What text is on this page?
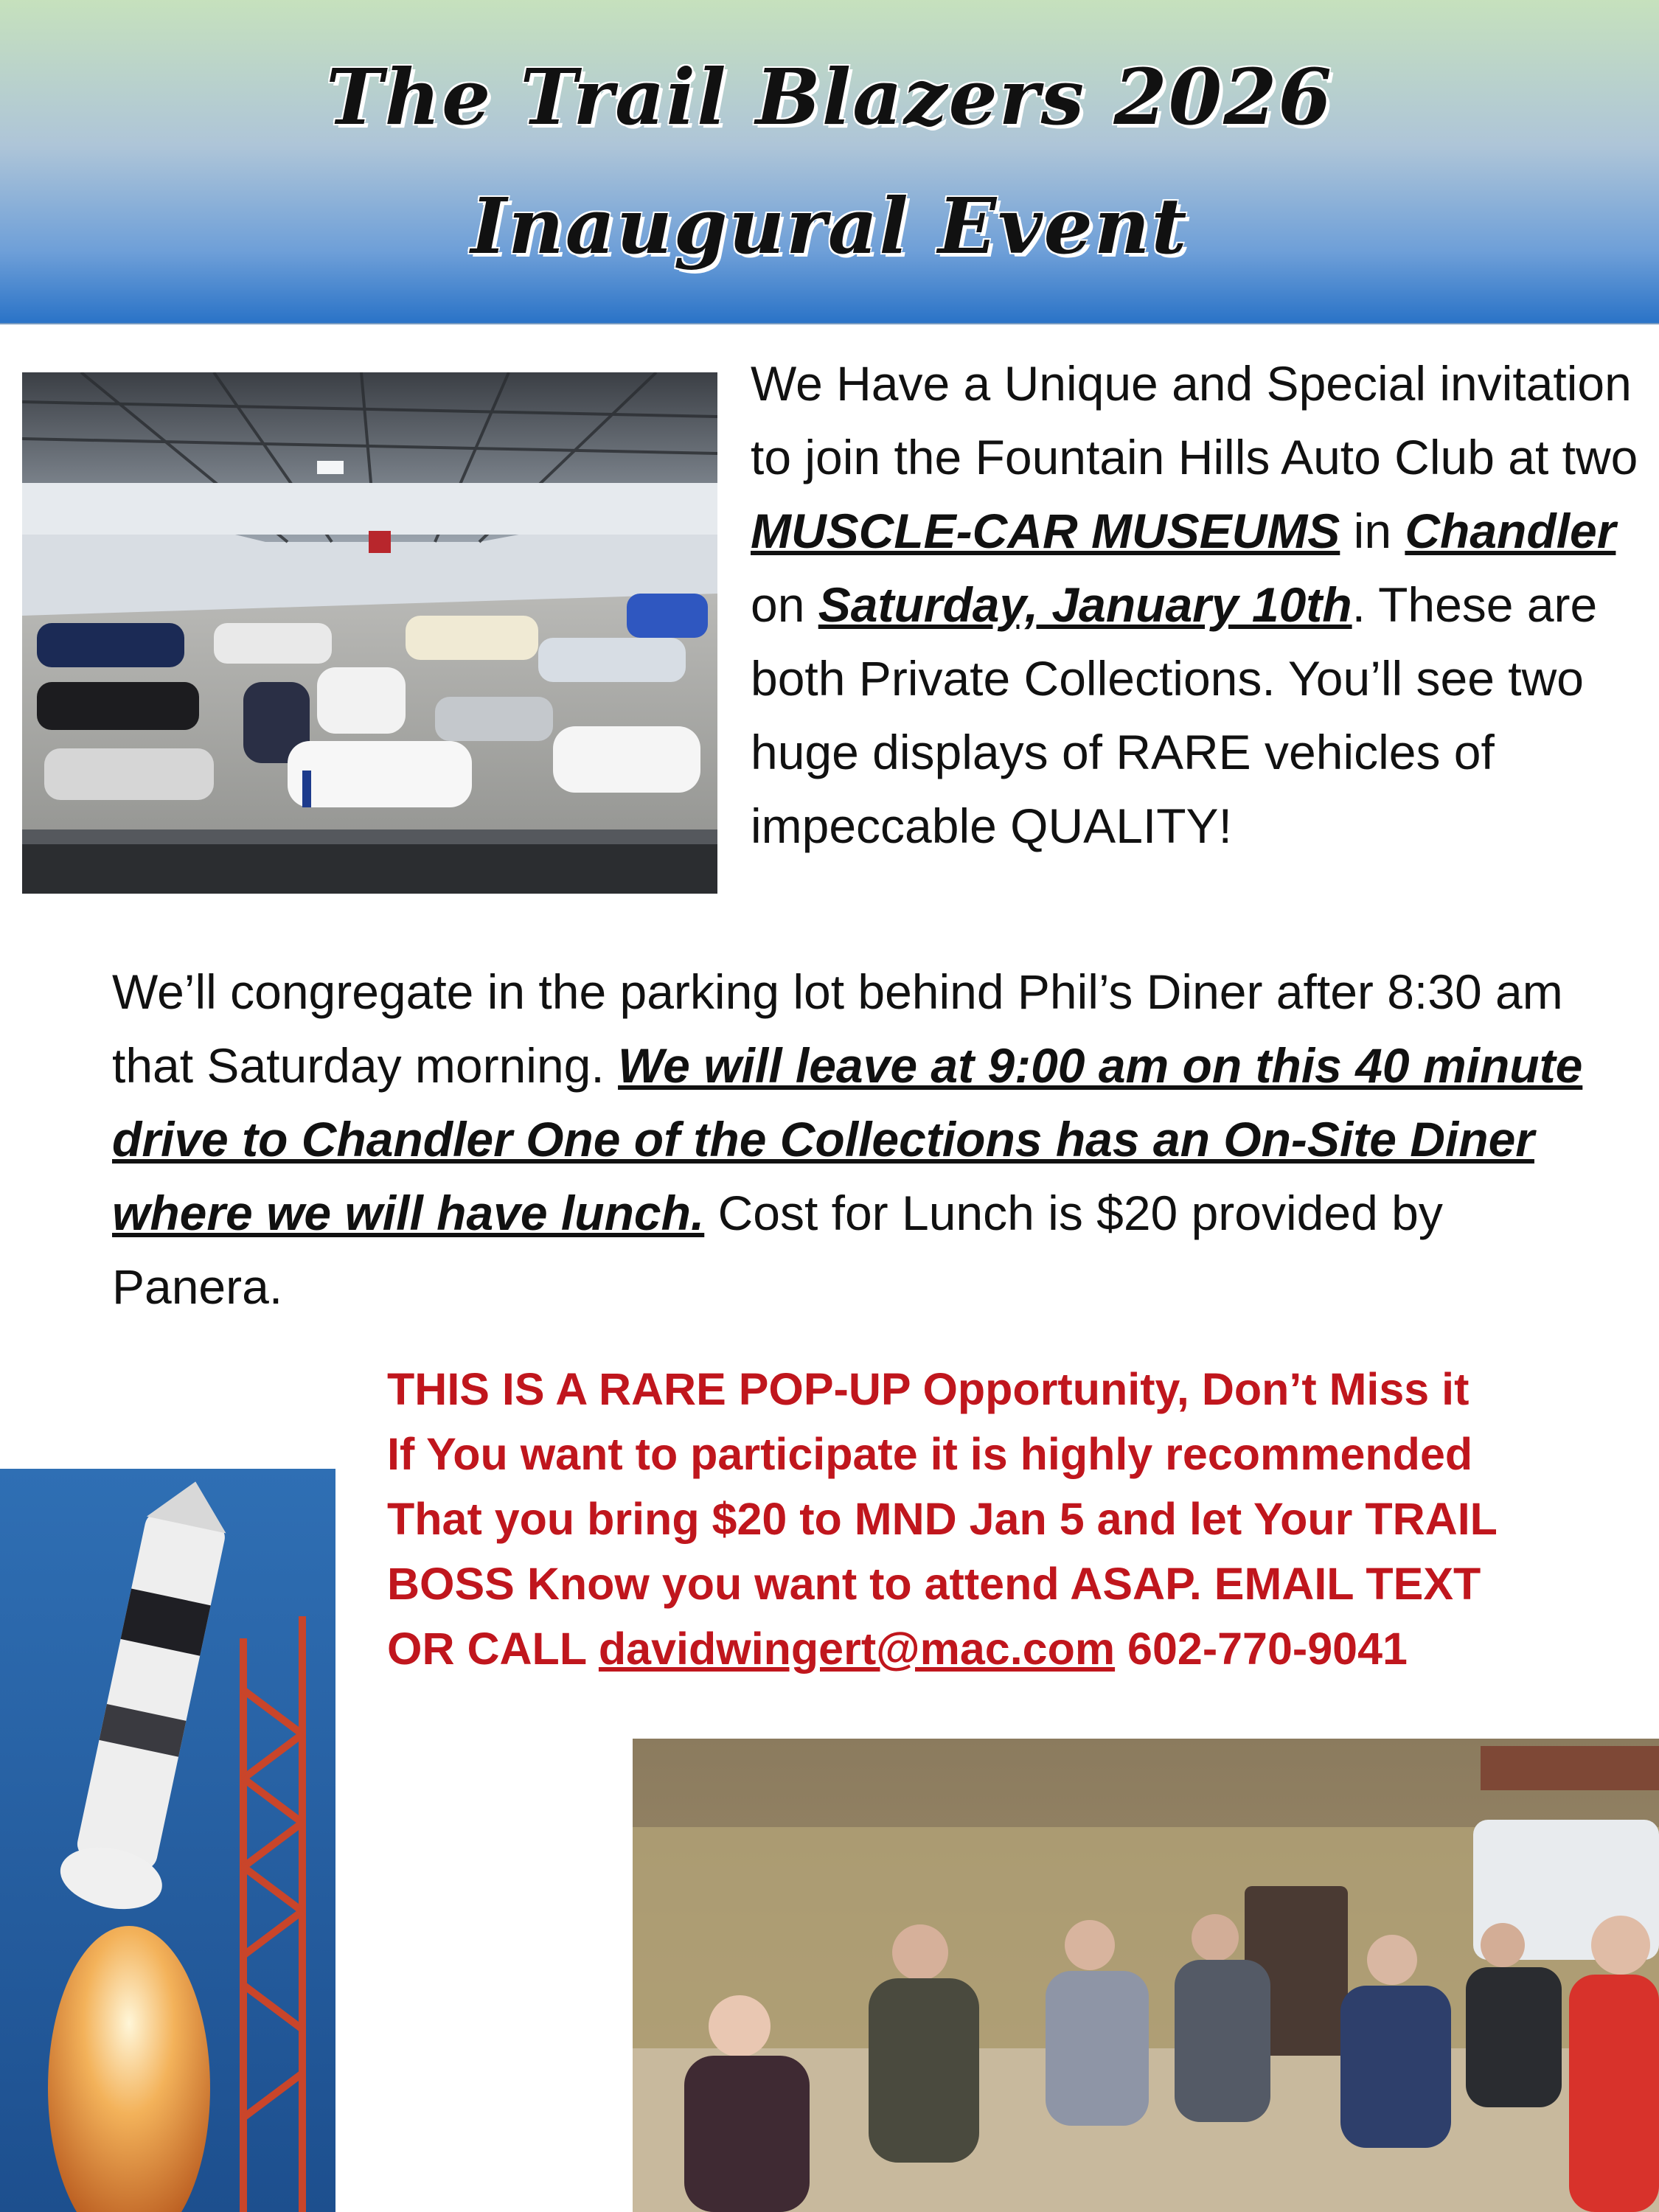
The Trail Blazers 2026
Inaugural Event
We Have a Unique and Special invitation to join the Fountain Hills Auto Club at two MUSCLE-CAR MUSEUMS in Chandler on Saturday, January 10th. These are both Private Collections. You’ll see two huge displays of RARE vehicles of impeccable QUALITY!
We’ll congregate in the parking lot behind Phil’s Diner after 8:30 am that Saturday morning. We will leave at 9:00 am on this 40 minute drive to Chandler One of the Collections has an On-Site Diner where we will have lunch. Cost for Lunch is $20 provided by Panera.
THIS IS A RARE POP-UP Opportunity, Don’t Miss it
If You want to participate it is highly recommended
That you bring $20 to MND Jan 5 and let Your TRAIL
BOSS Know you want to attend ASAP. EMAIL TEXT
OR CALL davidwingert@mac.com 602-770-9041
